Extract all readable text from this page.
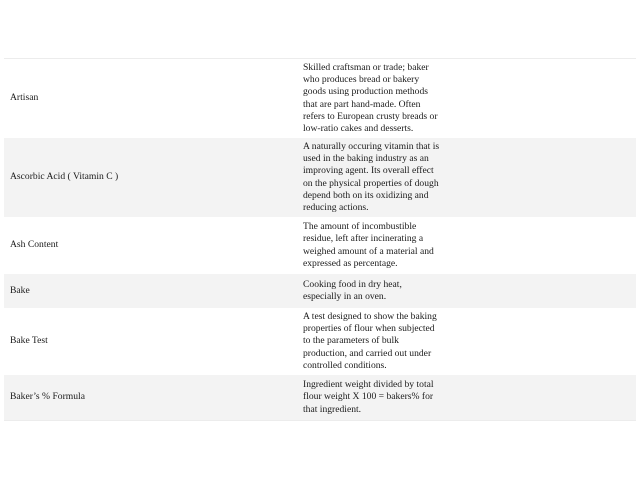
Artisan
Skilled craftsman or trade; baker who produces bread or bakery goods using production methods that are part hand-made. Often refers to European crusty breads or low-ratio cakes and desserts.
Ascorbic Acid ( Vitamin C )
A naturally occuring vitamin that is used in the baking industry as an improving agent. Its overall effect on the physical properties of dough depend both on its oxidizing and reducing actions.
Ash Content
The amount of incombustible residue, left after incinerating a weighed amount of a material and expressed as percentage.
Bake
Cooking food in dry heat, especially in an oven.
Bake Test
A test designed to show the baking properties of flour when subjected to the parameters of bulk production, and carried out under controlled conditions.
Baker’s % Formula
Ingredient weight divided by total flour weight X 100 = bakers% for that ingredient.
